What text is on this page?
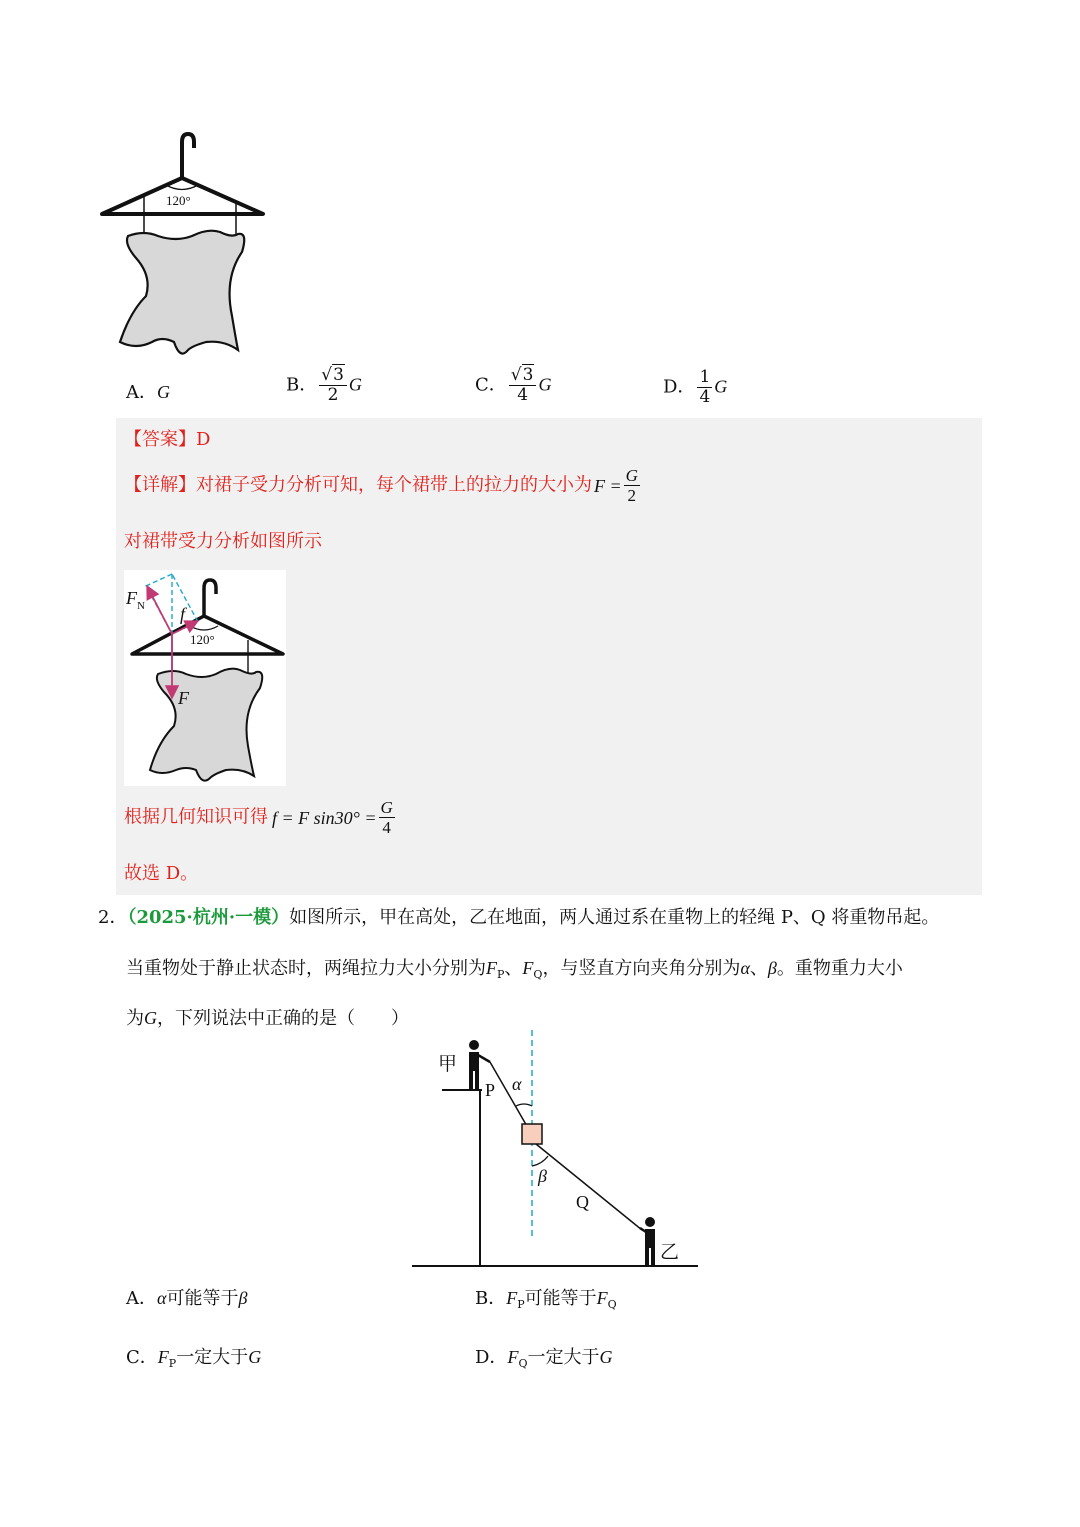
120°
A．G	B． $\frac{√3}{2}$ G	C． $\frac{√3}{4}$ G	D． $\frac{1}{4}$ G
【答案】D
【详解】对裙子受力分析可知，每个裙带上的拉力的大小为 $F = \frac{G}{2}$
对裙带受力分析如图所示
$F_N$ f
120°
F
根据几何知识可得 f = F $\sin 30^\circ = \frac{G}{4}$
故选 D。
2．（2025·杭州·一模）如图所示，甲在高处，乙在地面，两人通过系在重物上的轻绳 P、Q 将重物吊起。
当重物处于静止状态时，两绳拉力大小分别为$F_P$、$F_Q$，与竖直方向夹角分别为α、β。重物重力大小
为G，下列说法中正确的是（　　）
甲
P α
β
Q
乙
A．α可能等于β	B．$F_P$可能等于$F_Q$
C．$F_P$一定大于G	D．$F_Q$一定大于G
